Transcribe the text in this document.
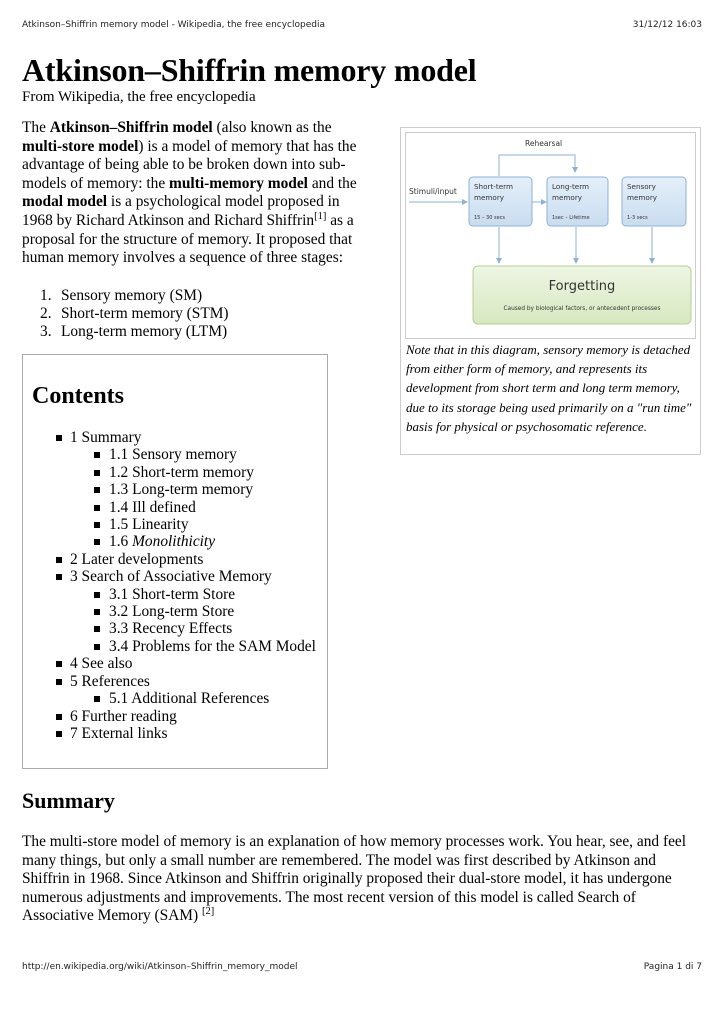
Atkinson–Shiffrin memory model - Wikipedia, the free encyclopedia	31/12/12 16:03
Atkinson–Shiffrin memory model
From Wikipedia, the free encyclopedia

The Atkinson–Shiffrin model (also known as the multi-store model) is a model of memory that has the advantage of being able to be broken down into sub-models of memory: the multi-memory model and the modal model is a psychological model proposed in 1968 by Richard Atkinson and Richard Shiffrin[1] as a proposal for the structure of memory. It proposed that human memory involves a sequence of three stages:

1. Sensory memory (SM)
2. Short-term memory (STM)
3. Long-term memory (LTM)
Contents
1 Summary
1.1 Sensory memory
1.2 Short-term memory
1.3 Long-term memory
1.4 Ill defined
1.5 Linearity
1.6 Monolithicity
2 Later developments
3 Search of Associative Memory
3.1 Short-term Store
3.2 Long-term Store
3.3 Recency Effects
3.4 Problems for the SAM Model
4 See also
5 References
5.1 Additional References
6 Further reading
7 External links
Rehearsal
Stimuli/input
Short-term
memory
15 – 30 secs
Long-term
memory
1sec – Lifetime
Sensory
memory
1-3 secs
Forgetting
Caused by biological factors, or antecedent processes
Note that in this diagram, sensory memory is detached from either form of memory, and represents its development from short term and long term memory, due to its storage being used primarily on a "run time" basis for physical or psychosomatic reference.
Summary

The multi-store model of memory is an explanation of how memory processes work. You hear, see, and feel many things, but only a small number are remembered. The model was first described by Atkinson and Shiffrin in 1968. Since Atkinson and Shiffrin originally proposed their dual-store model, it has undergone numerous adjustments and improvements. The most recent version of this model is called Search of Associative Memory (SAM) [2]

http://en.wikipedia.org/wiki/Atkinson–Shiffrin_memory_model	Pagina 1 di 7
